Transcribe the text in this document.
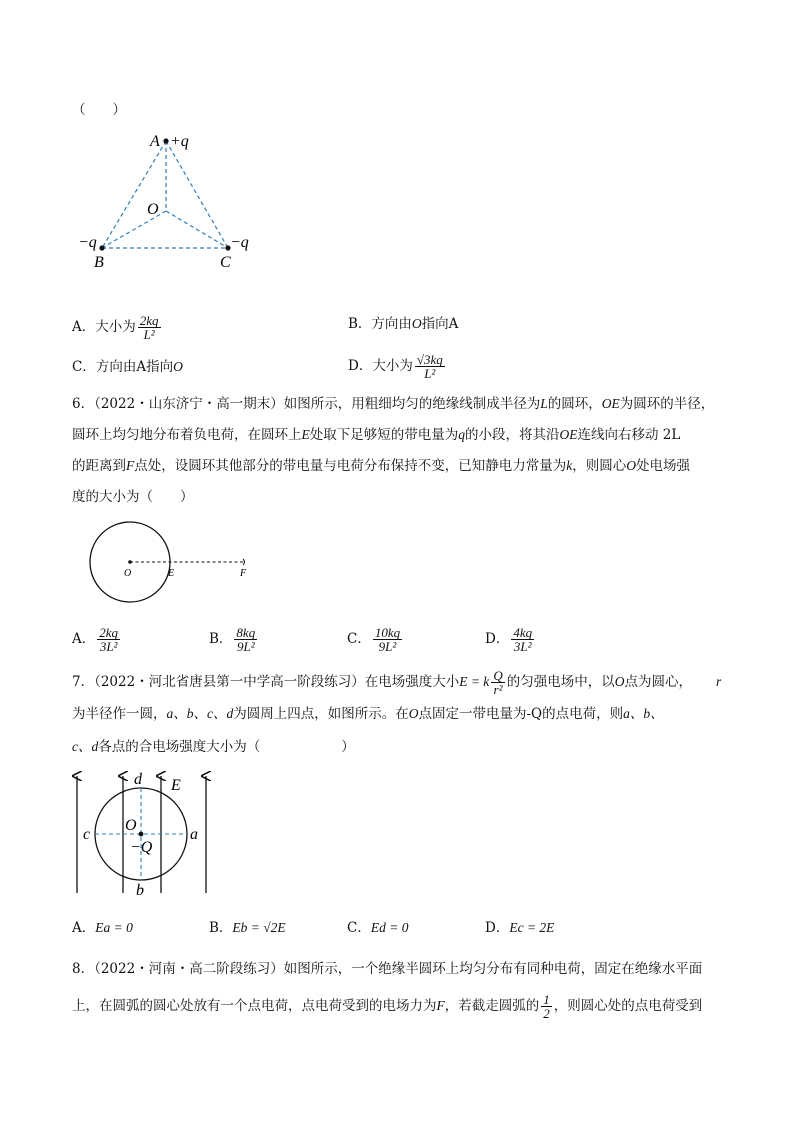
（　　）
A +q
O
−q
B
−q
C
A．大小为 $\frac{2kq}{\text{L²}}$	B．方向由O指向A
C．方向由A指向O	D．大小为 $\frac{√3kq}{\text{L²}}$
6．（2022・山东济宁・高一期末）如图所示，用粗细均匀的绝缘线制成半径为L的圆环，OE为圆环的半径，
圆环上均匀地分布着负电荷，在圆环上E处取下足够短的带电量为q的小段，将其沿OE连线向右移动 2L
的距离到F点处，设圆环其他部分的带电量与电荷分布保持不变，已知静电力常量为k，则圆心O处电场强
度的大小为（　　）
O	E	F
A． $\frac{2kq}{\text{3L²}}$	B． $\frac{8kq}{\text{9L²}}$	C． $\frac{10kq}{\text{9L²}}$	D． $\frac{4kq}{\text{3L²}}$
7．（2022・河北省唐县第一中学高一阶段练习）在电场强度大小E = k $\frac{Q}{\text{r²}}$ 的匀强电场中，以O点为圆心， r
为半径作一圆，a、b、c、d为圆周上四点，如图所示。在O点固定一带电量为-Q的点电荷，则a、b、
c、d各点的合电场强度大小为（　　　　　　）
d E
c
O
a
−Q
b
A．Ea = 0	B．Eb = √2E	C．Ed = 0	D．Ec = 2E
8．（2022・河南・高二阶段练习）如图所示，一个绝缘半圆环上均匀分布有同种电荷，固定在绝缘水平面
上，在圆弧的圆心处放有一个点电荷，点电荷受到的电场力为F，若截走圆弧的 $\frac{1}{2}$ ，则圆心处的点电荷受到
